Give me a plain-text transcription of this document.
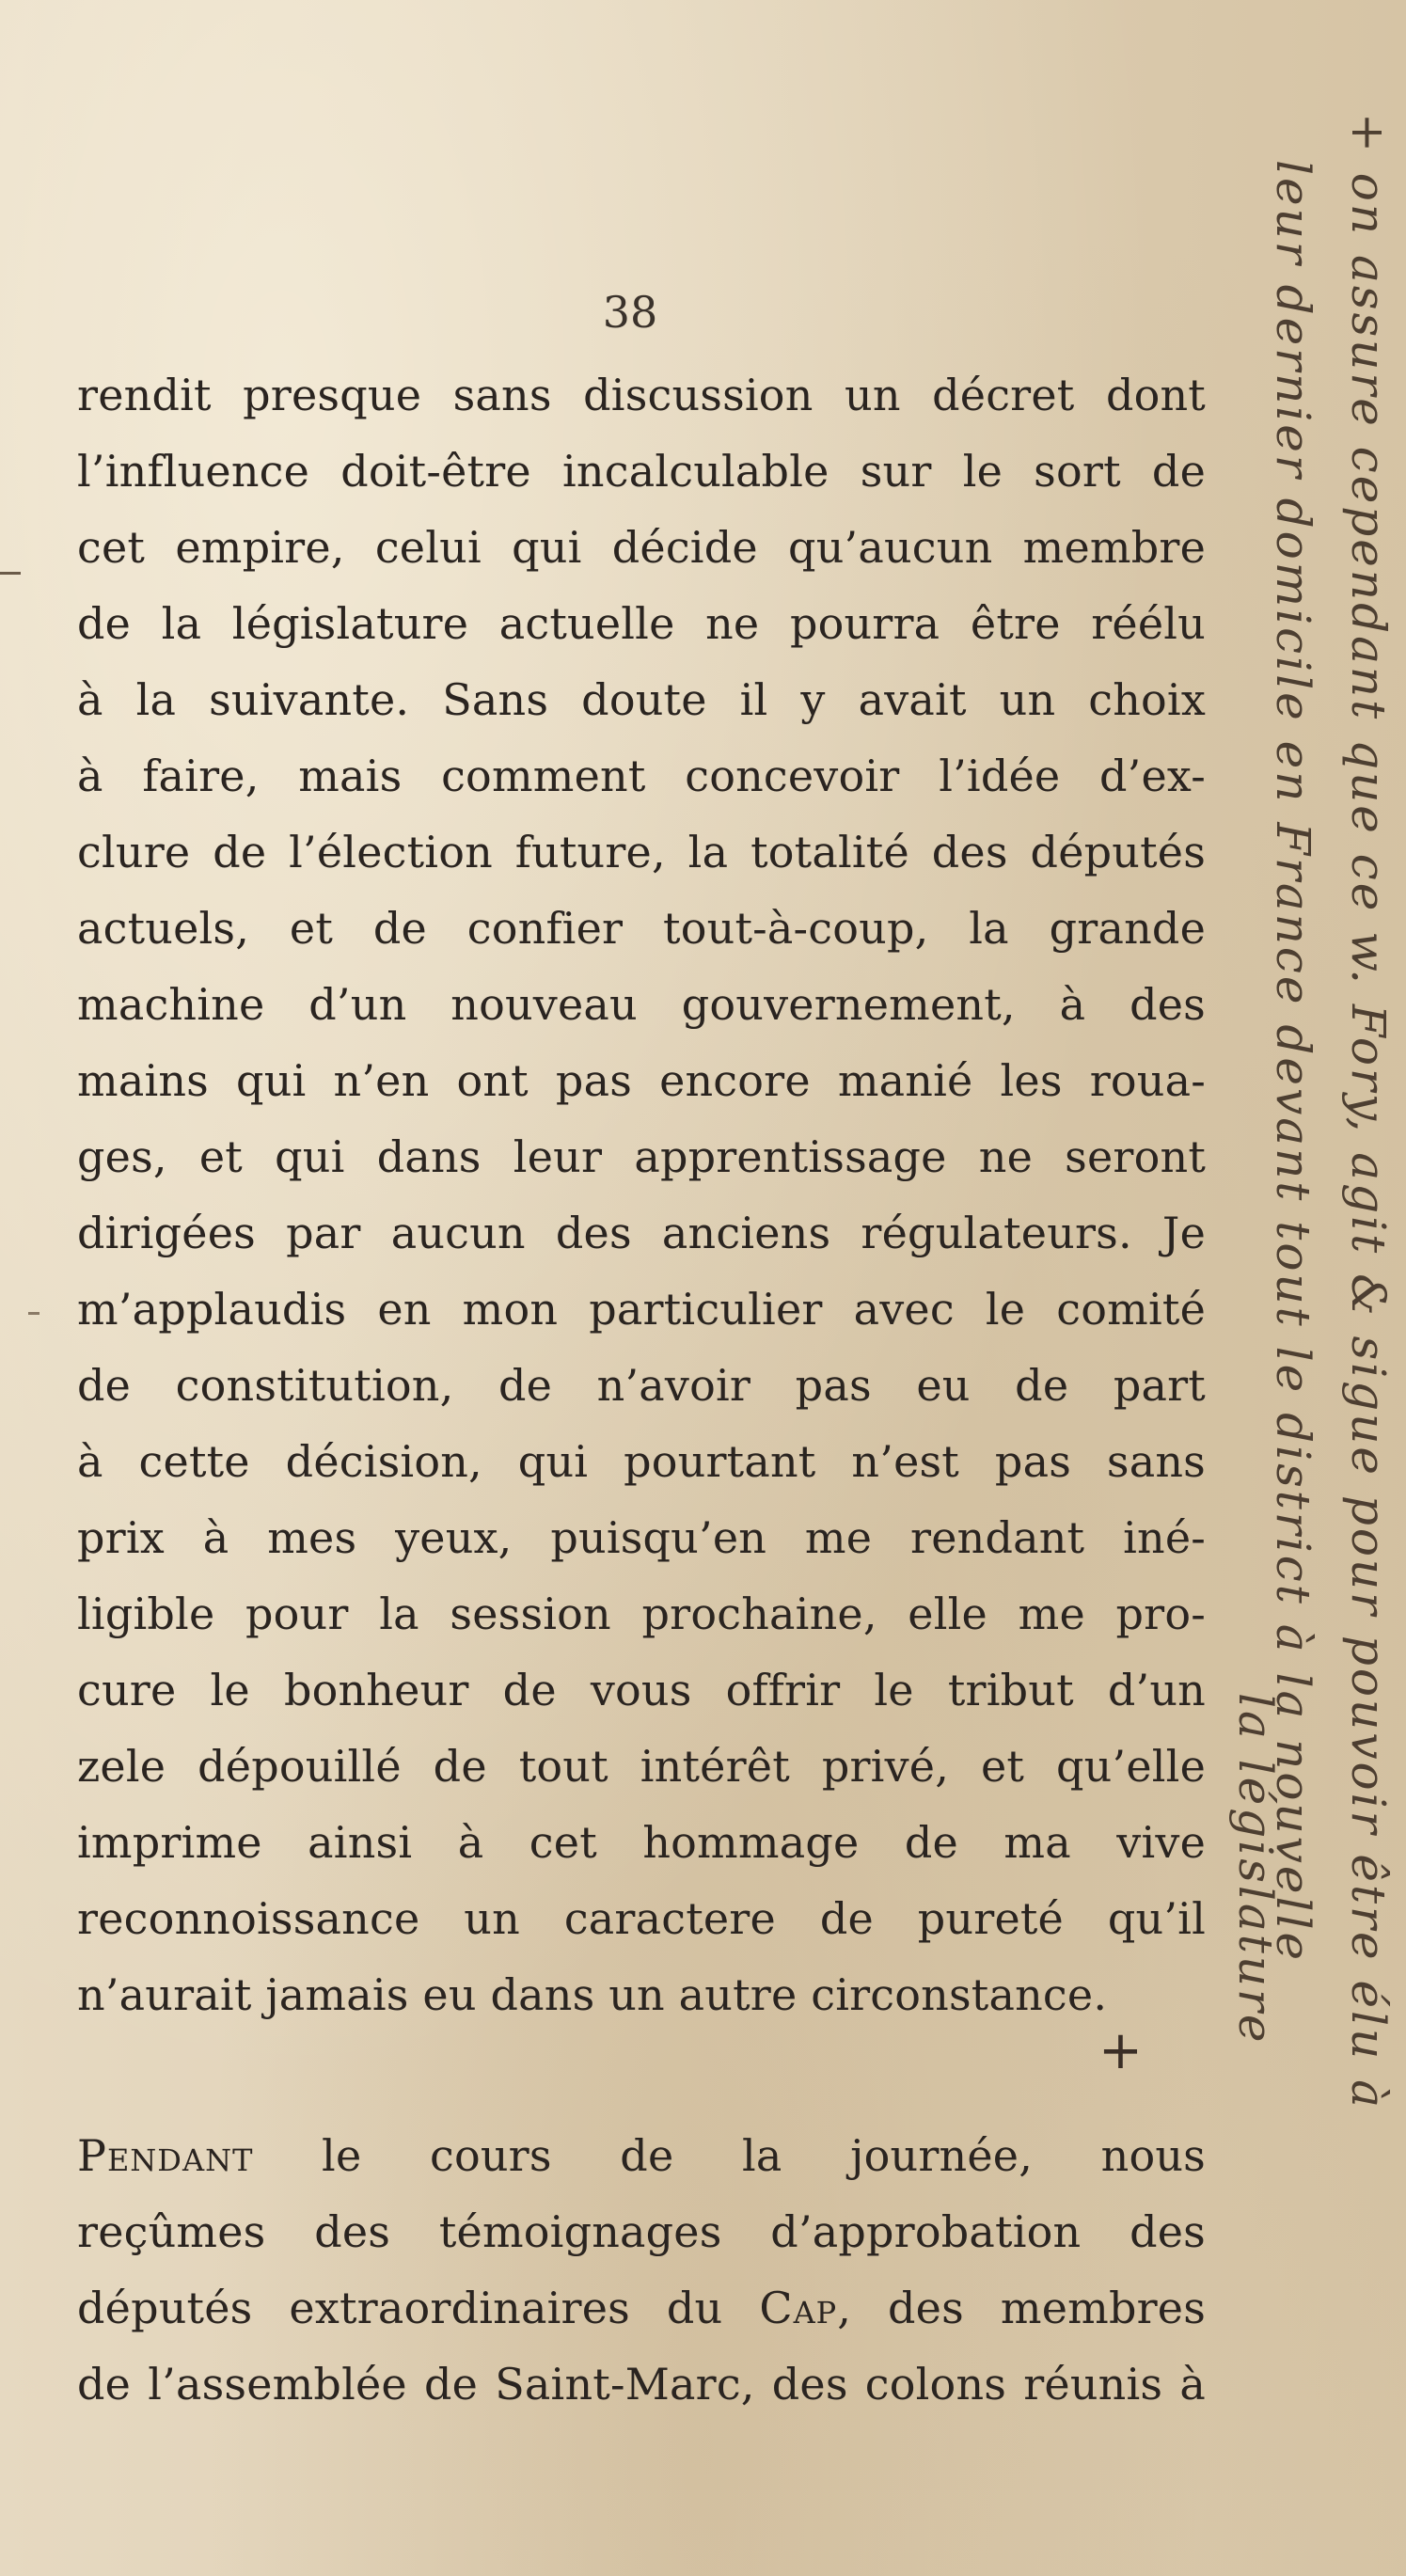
38
rendit presque sans discussion un décret dont
l’influence doit-être incalculable sur le sort de
cet empire, celui qui décide qu’aucun membre
de la législature actuelle ne pourra être réélu
à la suivante. Sans doute il y avait un choix
à faire, mais comment concevoir l’idée d’ex-
clure de l’élection future, la totalité des députés
actuels, et de confier tout-à-coup, la grande
machine d’un nouveau gouvernement, à des
mains qui n’en ont pas encore manié les roua-
ges, et qui dans leur apprentissage ne seront
dirigées par aucun des anciens régulateurs. Je
m’applaudis en mon particulier avec le comité
de constitution, de n’avoir pas eu de part
à cette décision, qui pourtant n’est pas sans
prix à mes yeux, puisqu’en me rendant iné-
ligible pour la session prochaine, elle me pro-
cure le bonheur de vous offrir le tribut d’un
zele dépouillé de tout intérêt privé, et qu’elle
imprime ainsi à cet hommage de ma vive
reconnoissance un caractere de pureté qu’il
n’aurait jamais eu dans un autre circonstance.
Pendant le cours de la journée, nous
reçûmes des témoignages d’approbation des
députés extraordinaires du Cap, des membres
de l’assemblée de Saint-Marc, des colons réunis à
+	+ on assure cependant que ce w. Fory, agit & sigue pour pouvoir être élu à
leur dernier domicile en France devant tout le district à la nouvelle
la législature
